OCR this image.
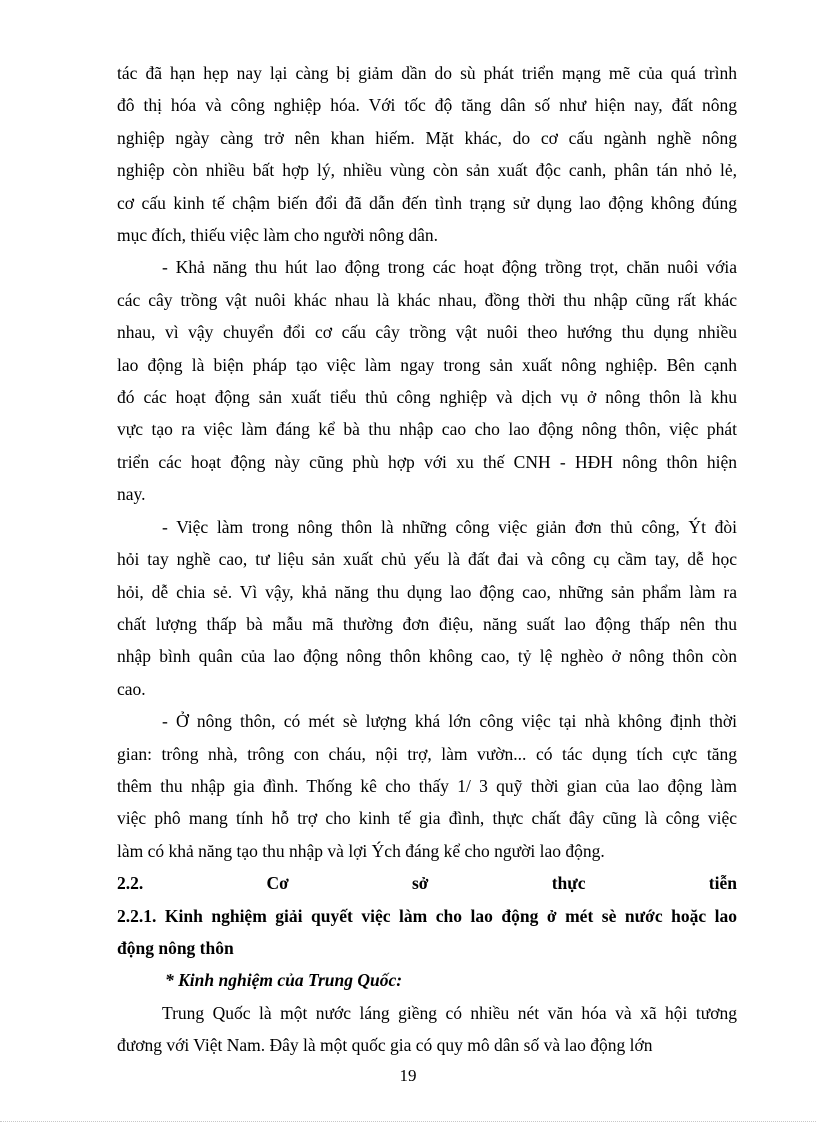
tác đã hạn hẹp nay lại càng bị giảm dần do sù phát triển mạng mẽ của quá trình
đô thị hóa và công nghiệp hóa. Với tốc độ tăng dân số như hiện nay, đất nông
nghiệp ngày càng trở nên khan hiếm. Mặt khác, do cơ cấu ngành nghề nông
nghiệp còn nhiều bất hợp lý, nhiều vùng còn sản xuất độc canh, phân tán nhỏ lẻ,
cơ cấu kinh tế chậm biến đổi đã dẫn đến tình trạng sử dụng lao động không đúng
mục đích, thiếu việc làm cho người nông dân.
- Khả năng thu hút lao động trong các hoạt động trồng trọt, chăn nuôi vớia
các cây trồng vật nuôi khác nhau là khác nhau, đồng thời thu nhập cũng rất khác
nhau, vì vậy chuyển đổi cơ cấu cây trồng vật nuôi theo hướng thu dụng nhiều
lao động là biện pháp tạo việc làm ngay trong sản xuất nông nghiệp. Bên cạnh
đó các hoạt động sản xuất tiểu thủ công nghiệp và dịch vụ ở nông thôn là khu
vực tạo ra việc làm đáng kể bà thu nhập cao cho lao động nông thôn, việc phát
triển các hoạt động này cũng phù hợp với xu thế CNH - HĐH nông thôn hiện
nay.
- Việc làm trong nông thôn là những công việc giản đơn thủ công, Ýt đòi
hỏi tay nghề cao, tư liệu sản xuất chủ yếu là đất đai và công cụ cầm tay, dễ học
hỏi, dễ chia sẻ. Vì vậy, khả năng thu dụng lao động cao, những sản phẩm làm ra
chất lượng thấp bà mẫu mã thường đơn điệu, năng suất lao động thấp nên thu
nhập bình quân của lao động nông thôn không cao, tỷ lệ nghèo ở nông thôn còn
cao.
- Ở nông thôn, có mét sè lượng khá lớn công việc tại nhà không định thời
gian: trông nhà, trông con cháu, nội trợ, làm vườn... có tác dụng tích cực tăng
thêm thu nhập gia đình. Thống kê cho thấy 1/ 3 quỹ thời gian của lao động làm
việc phô mang tính hỗ trợ cho kinh tế gia đình, thực chất đây cũng là công việc
làm có khả năng tạo thu nhập và lợi Ých đáng kể cho người lao động.
2.2.	Cơ	sở	thực	tiễn
2.2.1. Kinh nghiệm giải quyết việc làm cho lao động ở mét sè nước hoặc lao
động nông thôn
* Kinh nghiệm của Trung Quốc:
Trung Quốc là một nước láng giềng có nhiều nét văn hóa và xã hội tương
đương với Việt Nam. Đây là một quốc gia có quy mô dân số và lao động lớn
19
